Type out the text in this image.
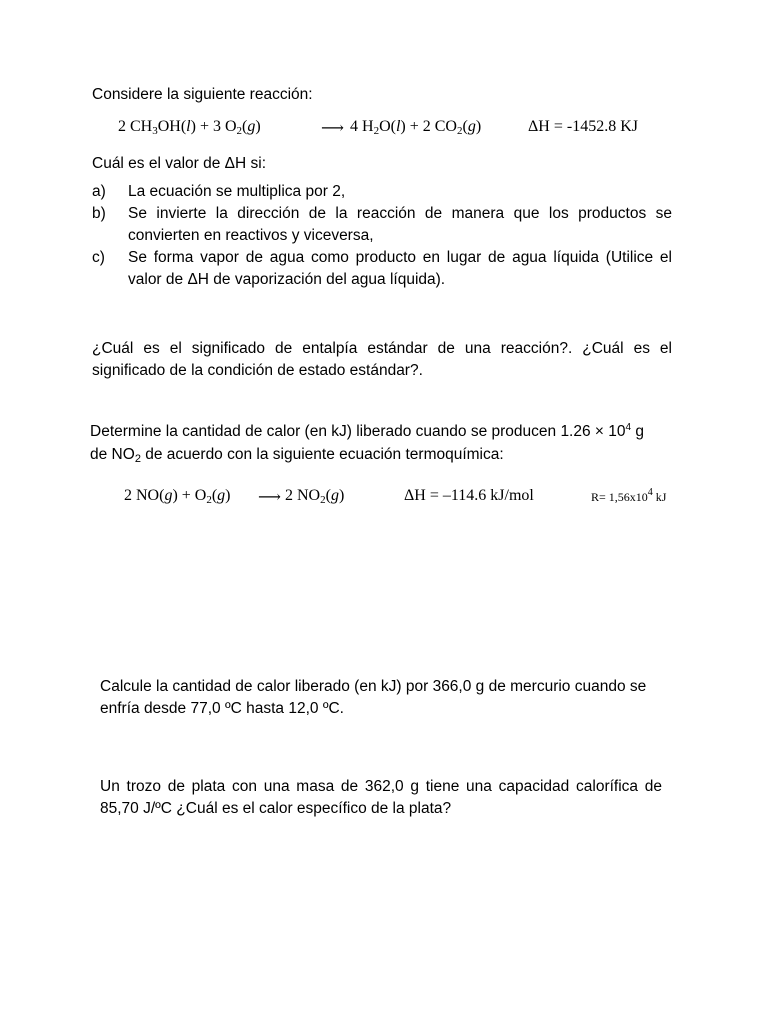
Considere la siguiente reacción:
2 $CH_3OH(l) + 3$ $O_2(g)$	⟶ 4 $H_2O(l) + 2$ $CO_2(g)$	ΔH = -1452.8 KJ
Cuál es el valor de ΔH si:
a) La ecuación se multiplica por 2,
b) Se invierte la dirección de la reacción de manera que los productos se convierten en reactivos y viceversa,
c) Se forma vapor de agua como producto en lugar de agua líquida (Utilice el valor de ΔH de vaporización del agua líquida).
¿Cuál es el significado de entalpía estándar de una reacción?. ¿Cuál es el significado de la condición de estado estándar?.
Determine la cantidad de calor (en kJ) liberado cuando se producen $1.26 \times 10^4$ g
de $NO_2$ de acuerdo con la siguiente ecuación termoquímica:
2 $NO(g) + O_2(g)$ ⟶ 2 $NO_2(g)$	ΔH = –114.6 kJ/mol	$R= 1,56x10^4$ kJ
Calcule la cantidad de calor liberado (en kJ) por 366,0 g de mercurio cuando se enfría desde 77,0 ºC hasta 12,0 ºC.
Un trozo de plata con una masa de 362,0 g tiene una capacidad calorífica de 85,70 J/ºC ¿Cuál es el calor específico de la plata?
